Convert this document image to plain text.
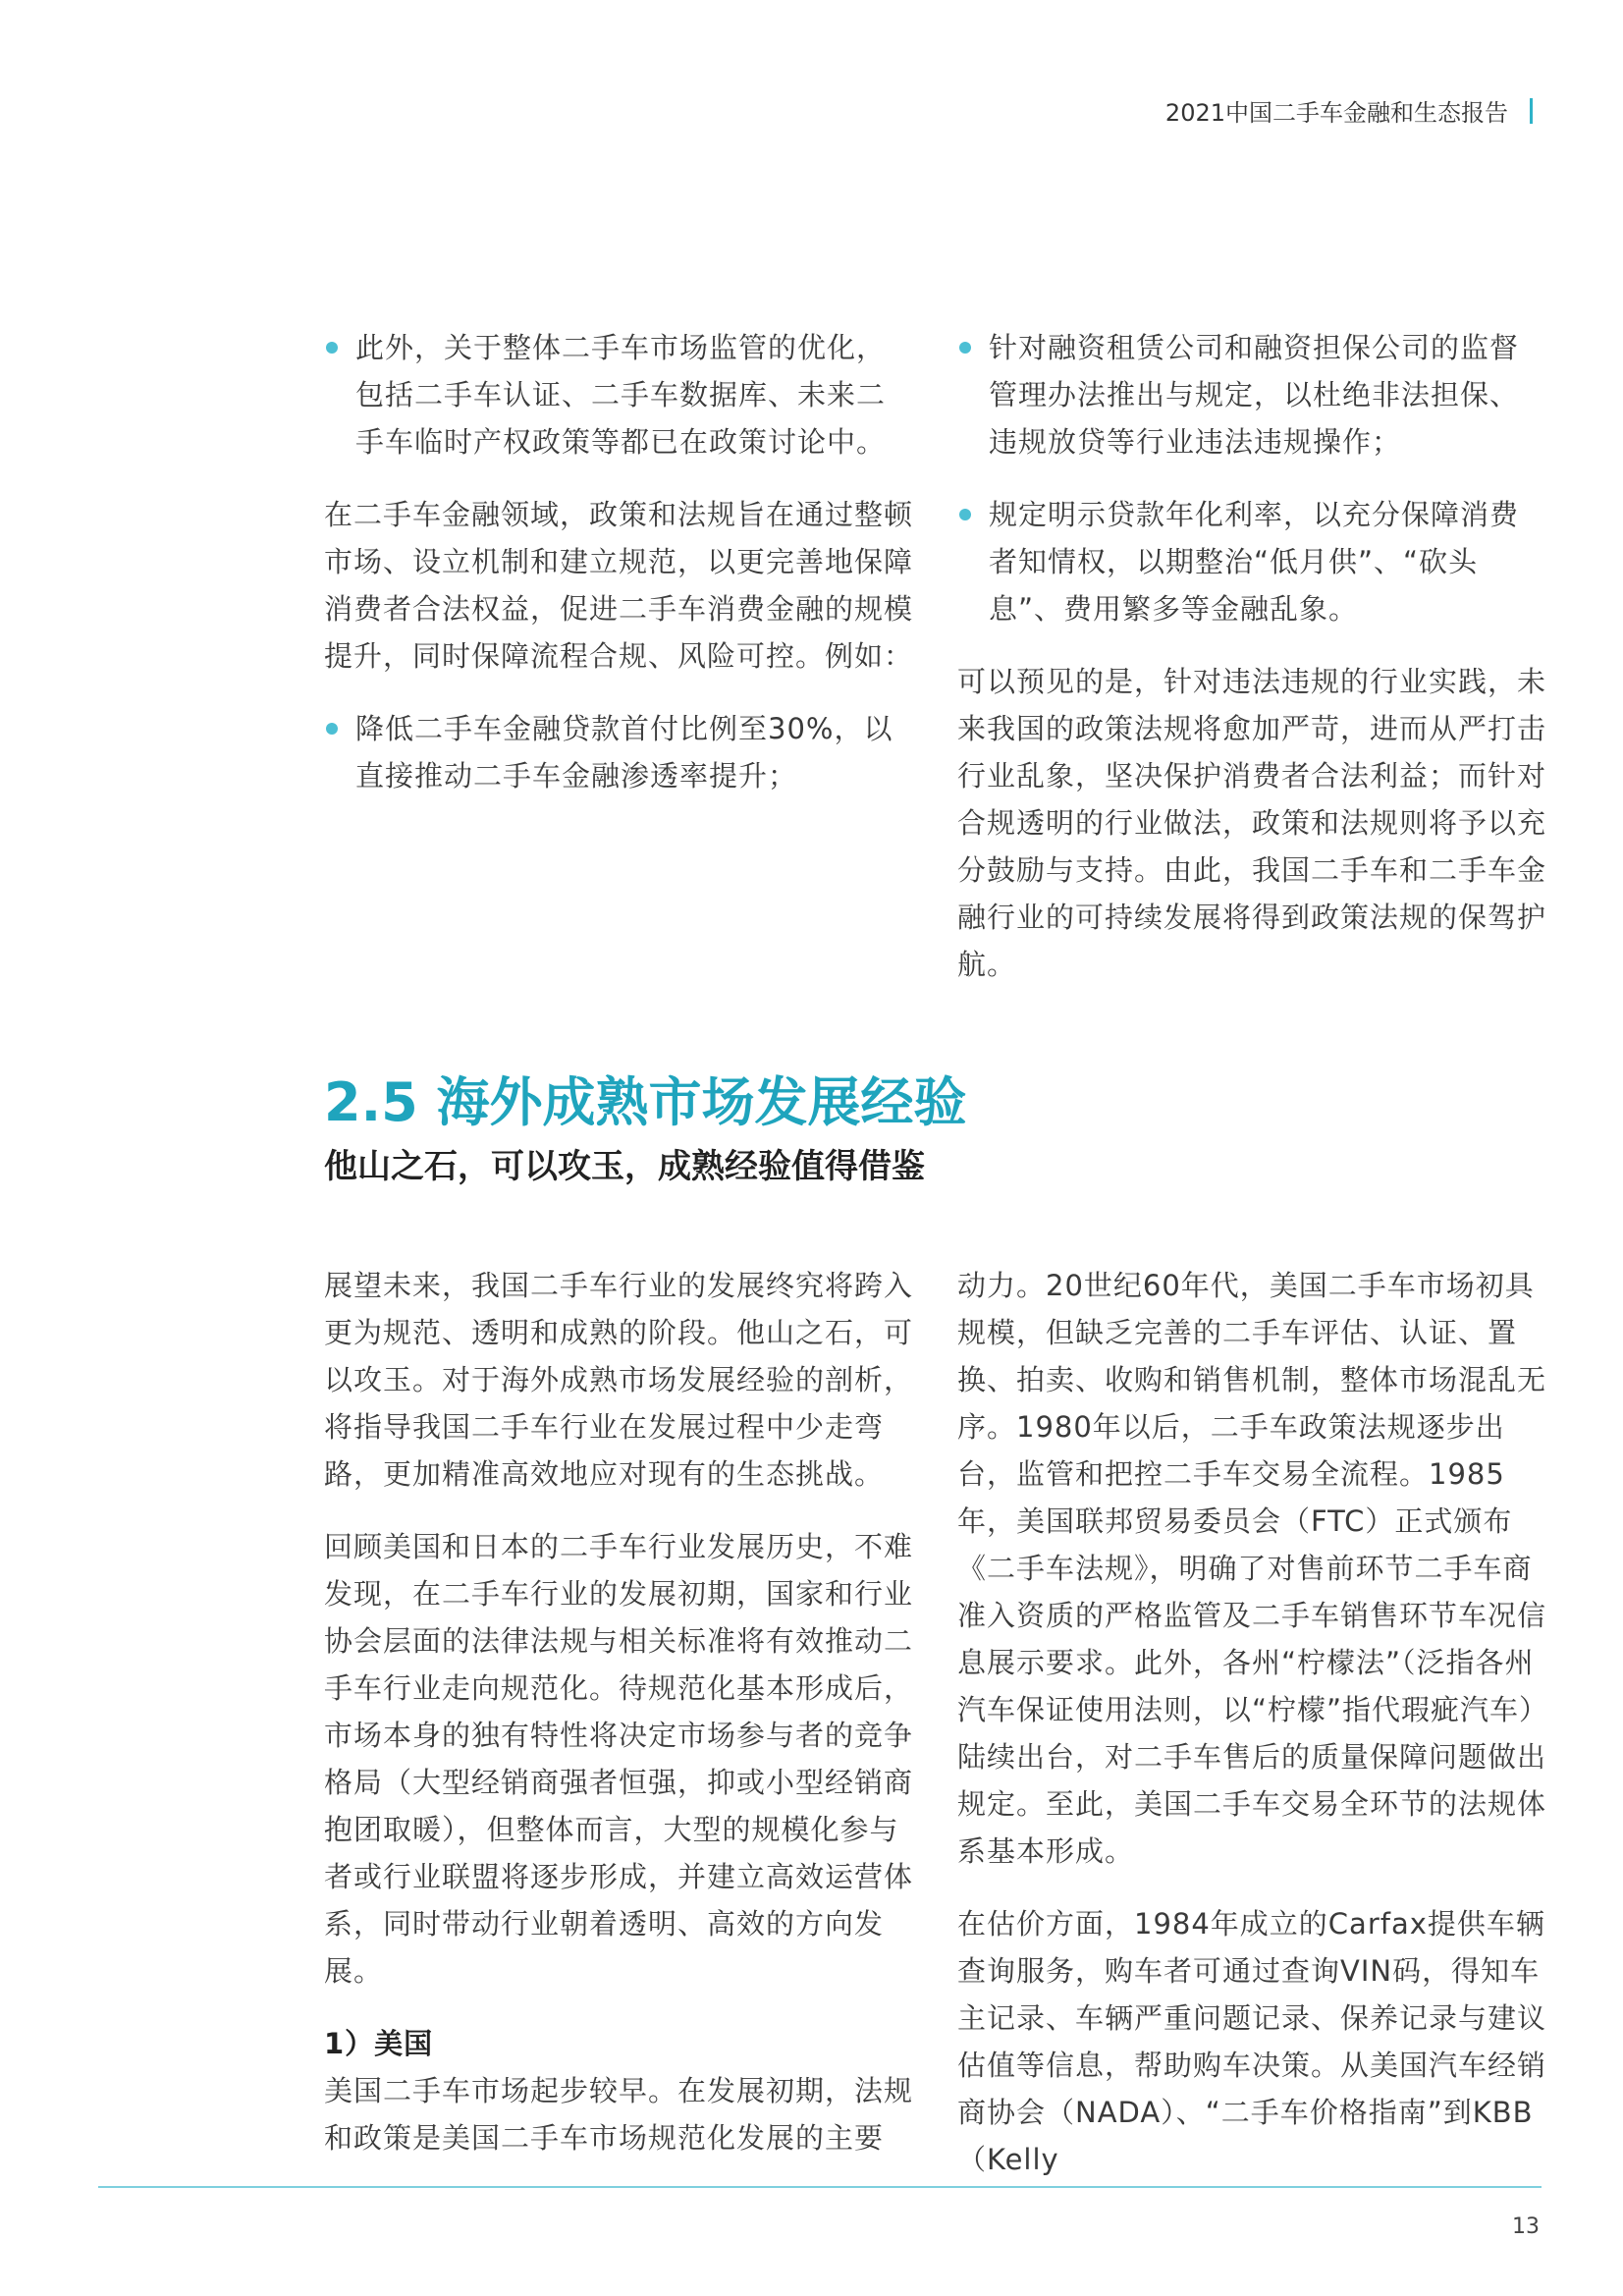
2021中国二手车金融和生态报告
此外，关于整体二手车市场监管的优化，包括二手车认证、二手车数据库、未来二手车临时产权政策等都已在政策讨论中。

在二手车金融领域，政策和法规旨在通过整顿市场、设立机制和建立规范，以更完善地保障消费者合法权益，促进二手车消费金融的规模提升，同时保障流程合规、风险可控。例如：

降低二手车金融贷款首付比例至30%，以直接推动二手车金融渗透率提升；
针对融资租赁公司和融资担保公司的监督管理办法推出与规定，以杜绝非法担保、违规放贷等行业违法违规操作；
规定明示贷款年化利率，以充分保障消费者知情权，以期整治“低月供”、“砍头息”、费用繁多等金融乱象。

可以预见的是，针对违法违规的行业实践，未来我国的政策法规将愈加严苛，进而从严打击行业乱象，坚决保护消费者合法利益；而针对合规透明的行业做法，政策和法规则将予以充分鼓励与支持。由此，我国二手车和二手车金融行业的可持续发展将得到政策法规的保驾护航。

2.5 海外成熟市场发展经验
他山之石，可以攻玉，成熟经验值得借鉴

展望未来，我国二手车行业的发展终究将跨入更为规范、透明和成熟的阶段。他山之石，可以攻玉。对于海外成熟市场发展经验的剖析，将指导我国二手车行业在发展过程中少走弯路，更加精准高效地应对现有的生态挑战。

回顾美国和日本的二手车行业发展历史，不难发现，在二手车行业的发展初期，国家和行业协会层面的法律法规与相关标准将有效推动二手车行业走向规范化。待规范化基本形成后，市场本身的独有特性将决定市场参与者的竞争格局（大型经销商强者恒强，抑或小型经销商抱团取暖），但整体而言，大型的规模化参与者或行业联盟将逐步形成，并建立高效运营体系，同时带动行业朝着透明、高效的方向发展。

1）美国

美国二手车市场起步较早。在发展初期，法规和政策是美国二手车市场规范化发展的主要

动力。20世纪60年代，美国二手车市场初具规模，但缺乏完善的二手车评估、认证、置换、拍卖、收购和销售机制，整体市场混乱无序。1980年以后，二手车政策法规逐步出台，监管和把控二手车交易全流程。1985年，美国联邦贸易委员会（FTC）正式颁布《二手车法规》，明确了对售前环节二手车商准入资质的严格监管及二手车销售环节车况信息展示要求。此外，各州“柠檬法”（泛指各州汽车保证使用法则，以“柠檬”指代瑕疵汽车）陆续出台，对二手车售后的质量保障问题做出规定。至此，美国二手车交易全环节的法规体系基本形成。

在估价方面，1984年成立的Carfax提供车辆查询服务，购车者可通过查询VIN码，得知车主记录、车辆严重问题记录、保养记录与建议估值等信息，帮助购车决策。从美国汽车经销商协会（NADA）、“二手车价格指南”到KBB（Kelly

13
